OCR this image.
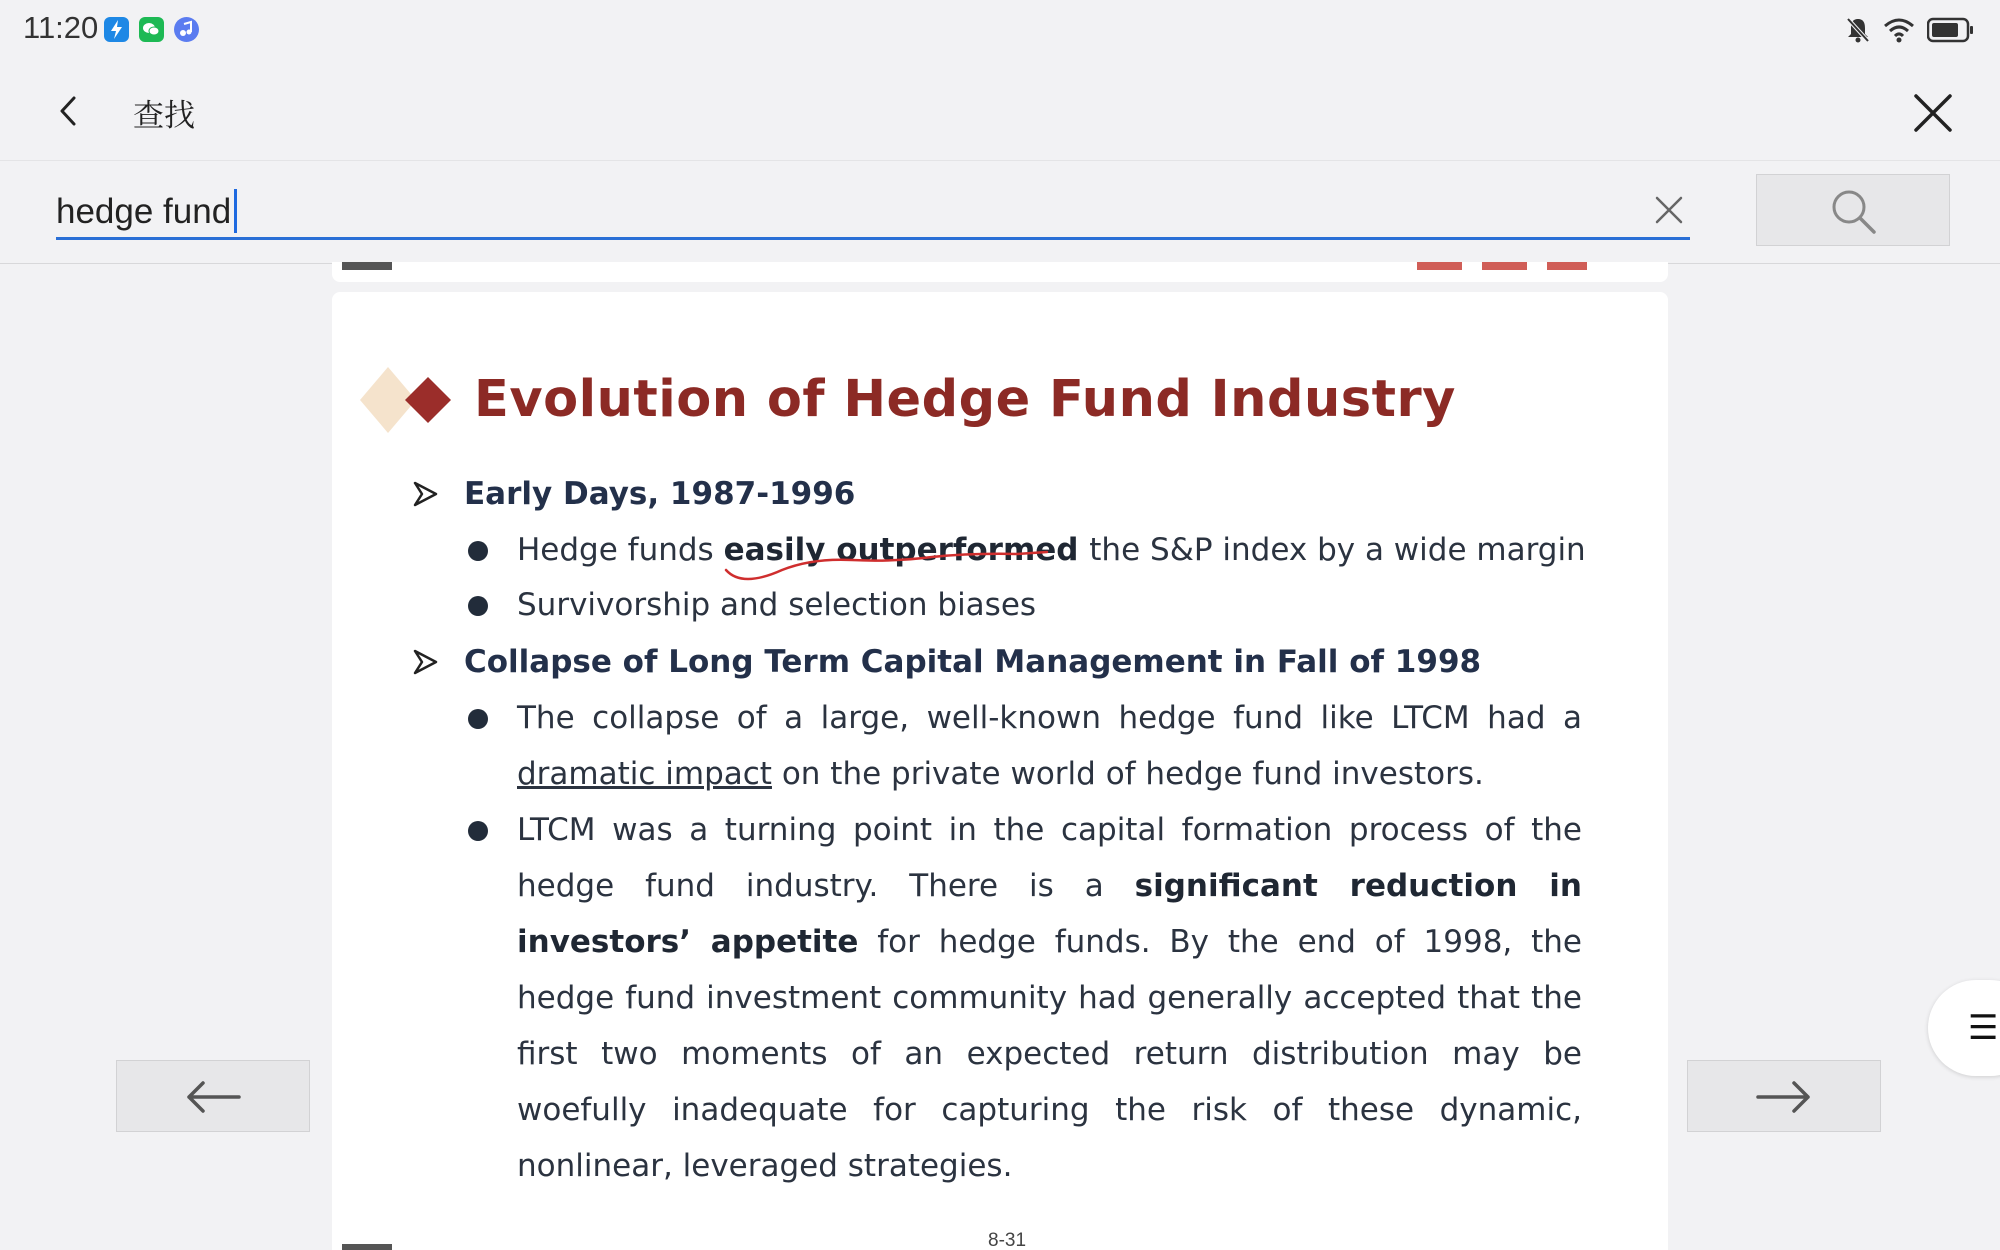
11:20
查找
hedge fund
Evolution of Hedge Fund Industry
Early Days, 1987-1996
Hedge funds easily outperformed the S&P index by a wide margin
Survivorship and selection biases
Collapse of Long Term Capital Management in Fall of 1998
The collapse of a large, well-known hedge fund like LTCM had a
dramatic impact on the private world of hedge fund investors.
LTCM was a turning point in the capital formation process of the hedge fund industry. There is a significant reduction in investors’ appetite for hedge funds. By the end of 1998, the hedge fund investment community had generally accepted that the first two moments of an expected return distribution may be woefully inadequate for capturing the risk of these dynamic, nonlinear, leveraged strategies.
8-31
☰
